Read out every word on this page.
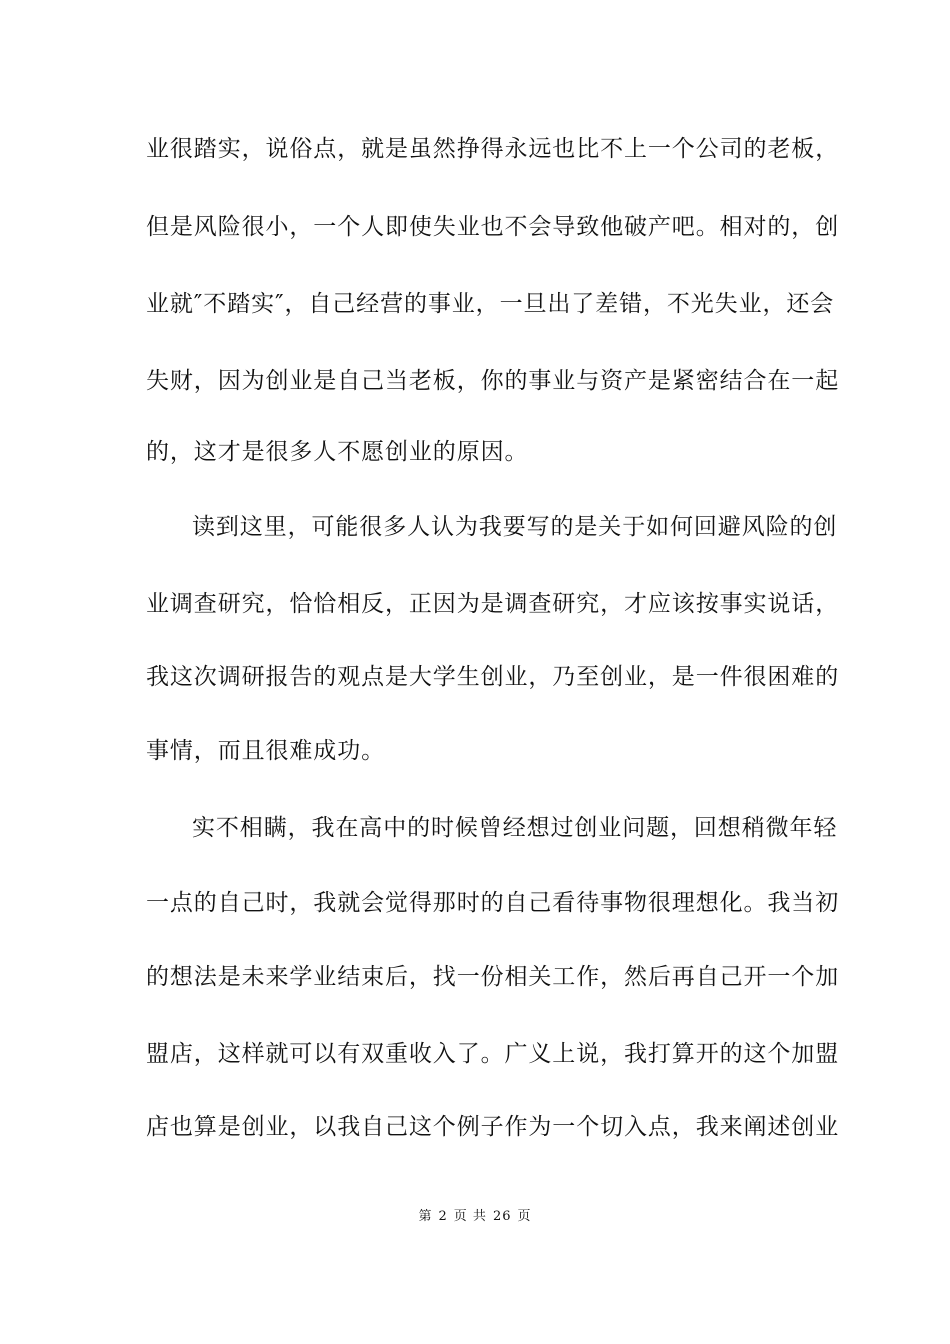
业很踏实，说俗点，就是虽然挣得永远也比不上一个公司的老板，
但是风险很小，一个人即使失业也不会导致他破产吧。相对的，创
业就″不踏实″，自己经营的事业，一旦出了差错，不光失业，还会
失财，因为创业是自己当老板，你的事业与资产是紧密结合在一起
的，这才是很多人不愿创业的原因。
读到这里，可能很多人认为我要写的是关于如何回避风险的创
业调查研究，恰恰相反，正因为是调查研究，才应该按事实说话，
我这次调研报告的观点是大学生创业，乃至创业，是一件很困难的
事情，而且很难成功。
实不相瞒，我在高中的时候曾经想过创业问题，回想稍微年轻
一点的自己时，我就会觉得那时的自己看待事物很理想化。我当初
的想法是未来学业结束后，找一份相关工作，然后再自己开一个加
盟店，这样就可以有双重收入了。广义上说，我打算开的这个加盟
店也算是创业，以我自己这个例子作为一个切入点，我来阐述创业
第 2 页 共 26 页
